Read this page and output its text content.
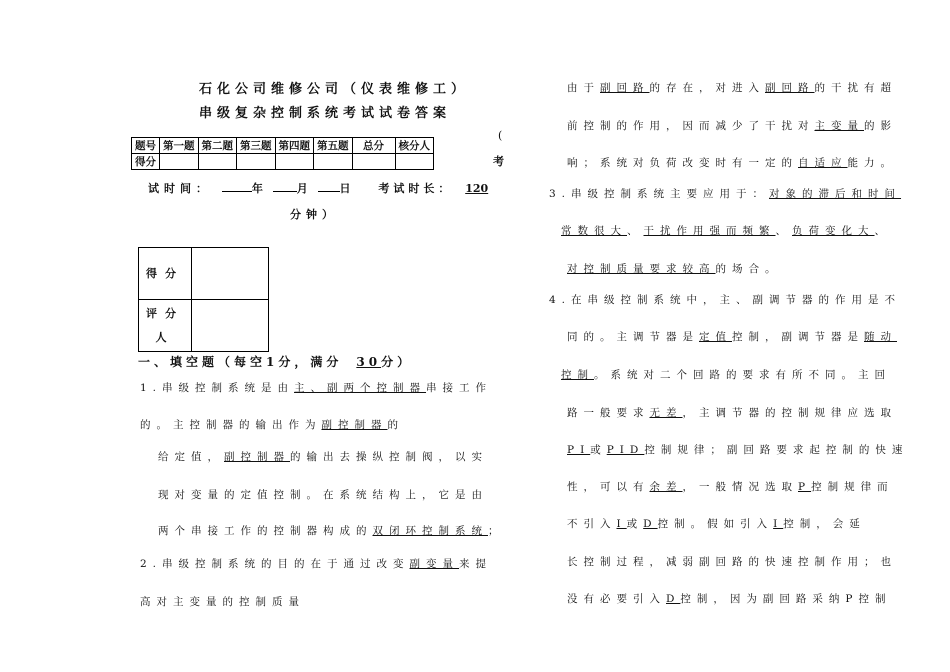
石化公司维修公司（仪表维修工）
串级复杂控制系统考试试卷答案
题号	第一题	第二题	第三题	第四题	第五题	总分	核分人
得分							
(
考
试时间：	年	月	日	考试时长： 120
分钟）
得分	
评分人	
一、填空题（每空1分，满分 30分）
1.串级控制系统是由主、副两个控制器串接工作
的。主控制器的输出作为副控制器的
给定值，副控制器的输出去操纵控制阀，以实
现对变量的定值控制。在系统结构上，它是由
两个串接工作的控制器构成的双闭环控制系统；
2.串级控制系统的目的在于通过改变副变量来提
高对主变量的控制质量
由于副回路的存在，对进入副回路的干扰有超
前控制的作用，因而减少了干扰对主变量的影
响；系统对负荷改变时有一定的自适应能力。
3.串级控制系统主要应用于：对象的滞后和时间
常数很大、干扰作用强而频繁、负荷变化大、
对控制质量要求较高的场合。
4.在串级控制系统中，主、副调节器的作用是不
同的。主调节器是定值控制，副调节器是随动
控制。系统对二个回路的要求有所不同。主回
路一般要求无差，主调节器的控制规律应选取
PI或PID控制规律；副回路要求起控制的快速
性，可以有余差，一般情况选取P控制规律而
不引入I或D控制。假如引入I控制，会延
长控制过程，减弱副回路的快速控制作用；也
没有必要引入D控制，因为副回路采纳P控制
